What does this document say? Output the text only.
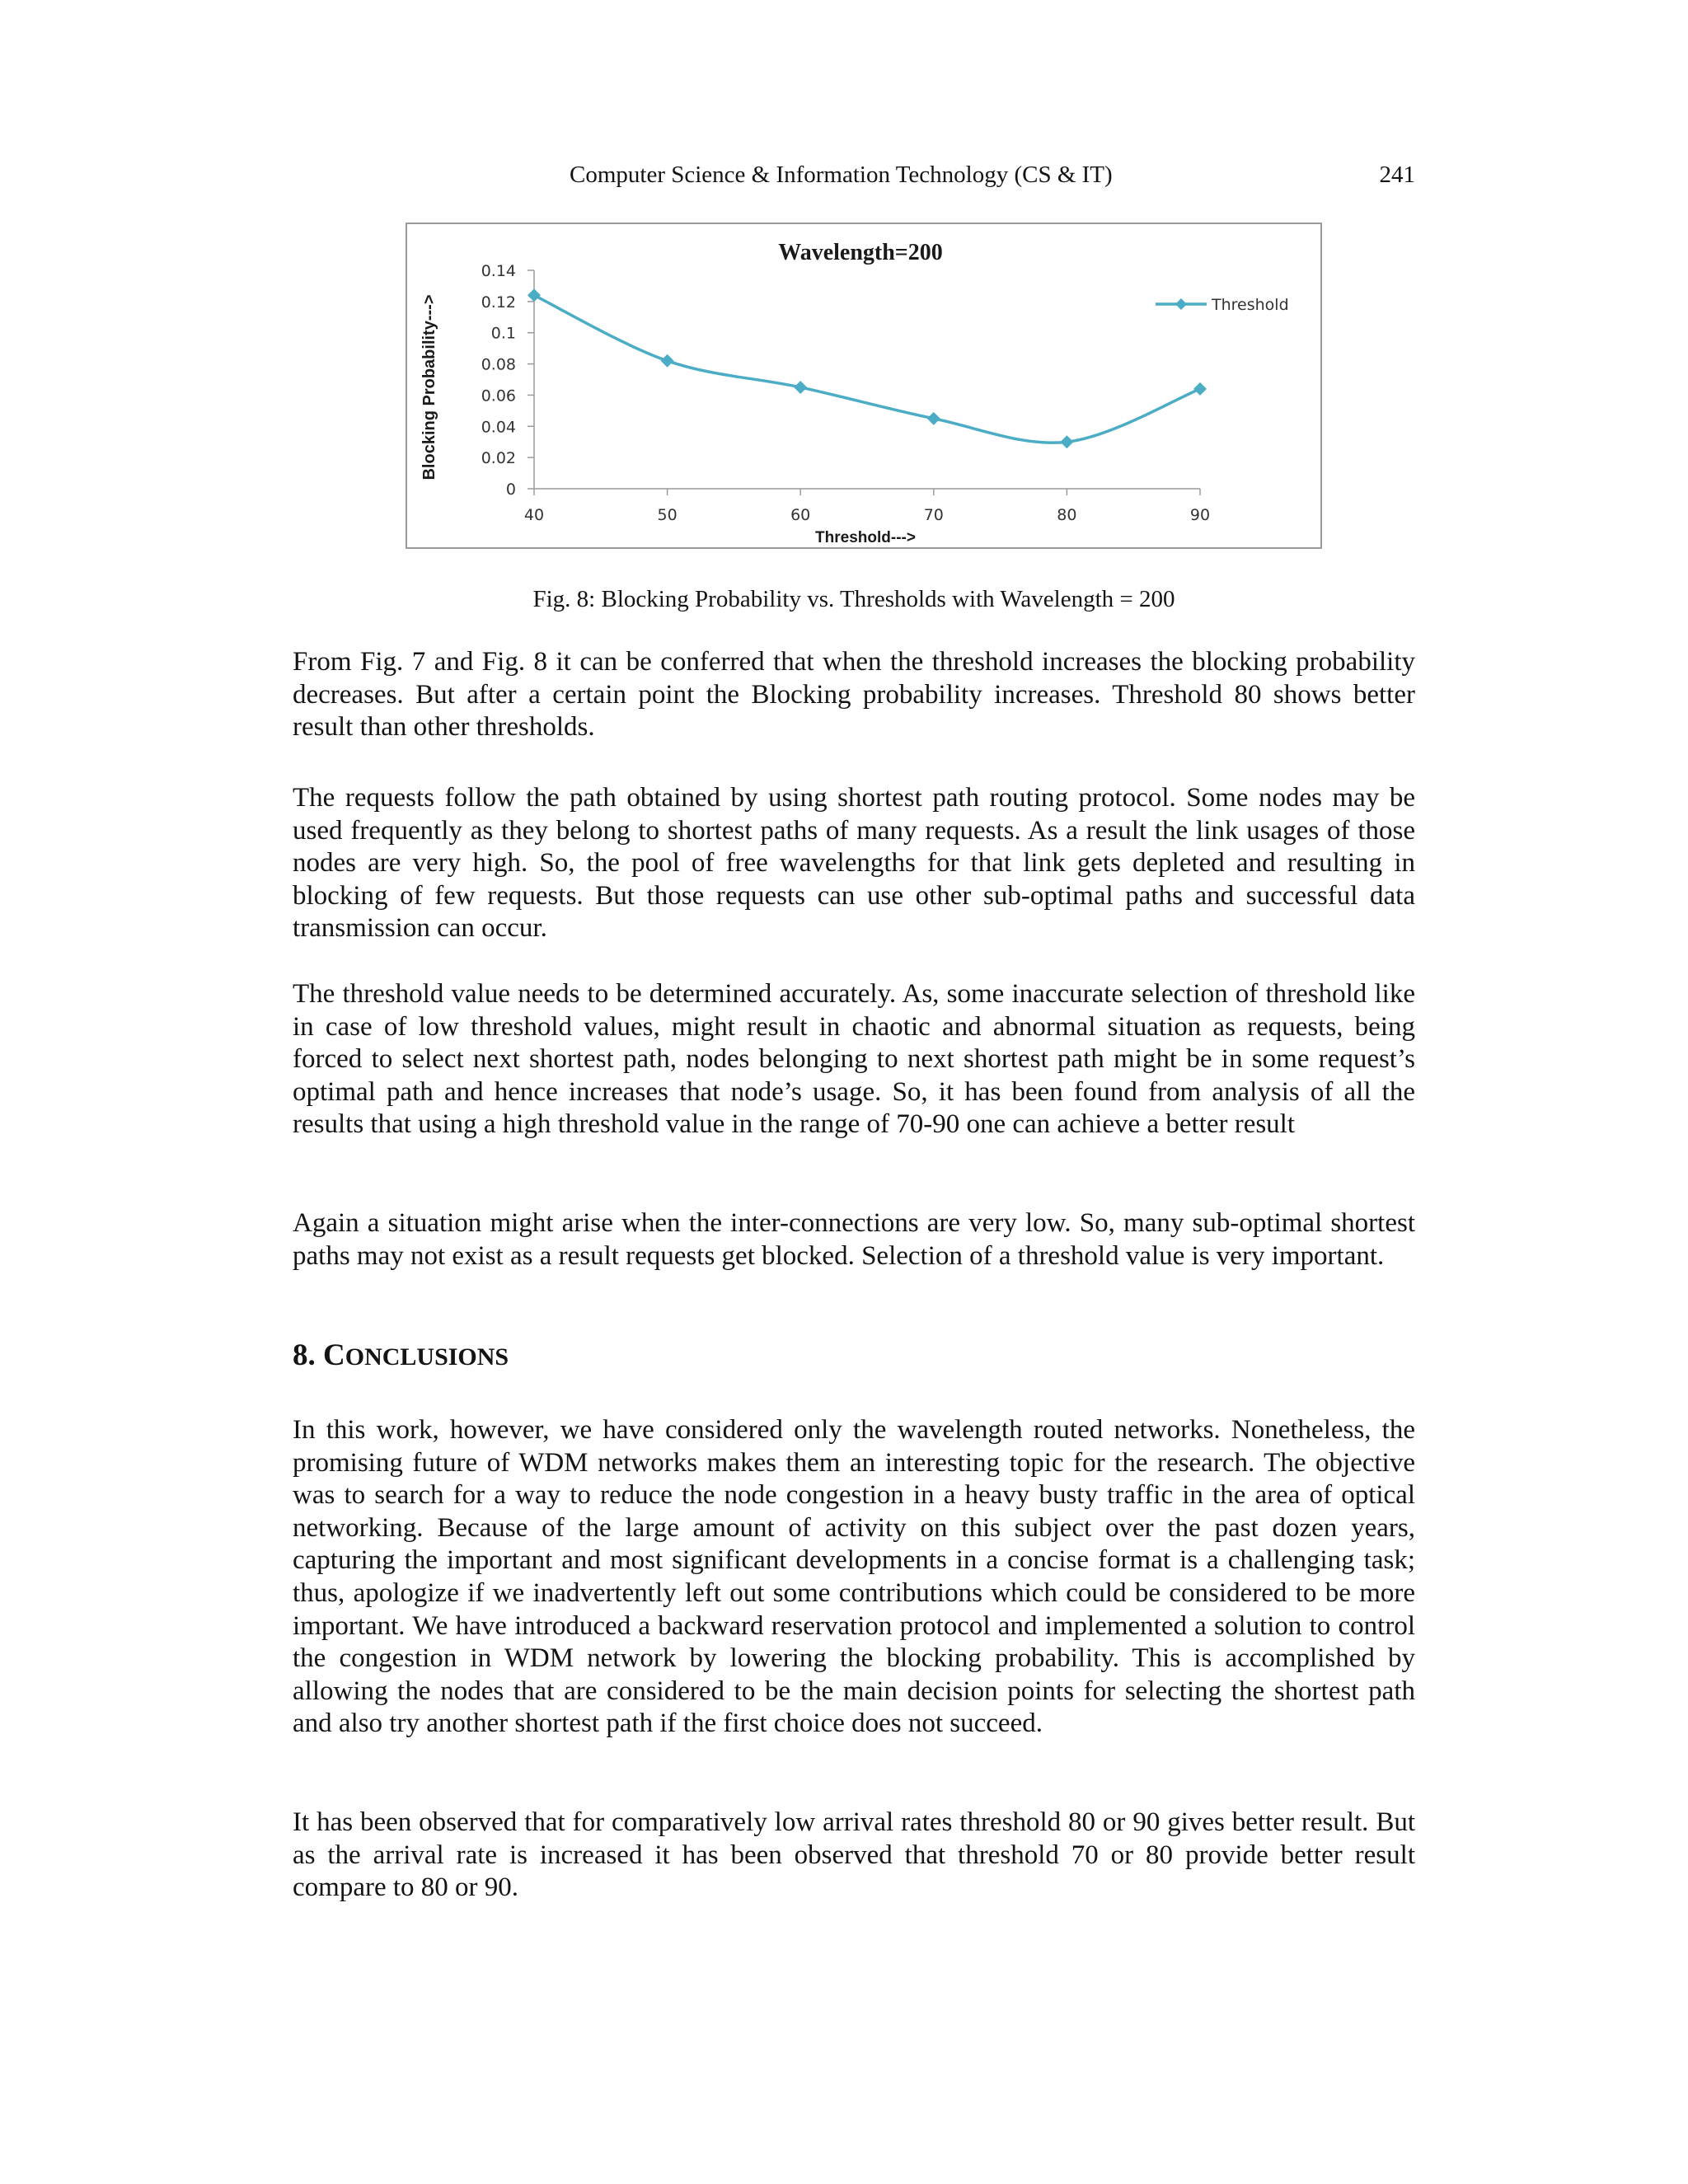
Computer Science & Information Technology (CS & IT)	241
Wavelength=200
Blocking Probability--->
Threshold--->
0
0.02
0.04
0.06
0.08
0.1
0.12
0.14
40	50	60	70	80	90
Threshold
Fig. 8: Blocking Probability vs. Thresholds with Wavelength = 200

From Fig. 7 and Fig. 8 it can be conferred that when the threshold increases the blocking probability decreases. But after a certain point the Blocking probability increases. Threshold 80 shows better result than other thresholds.

The requests follow the path obtained by using shortest path routing protocol. Some nodes may be used frequently as they belong to shortest paths of many requests. As a result the link usages of those nodes are very high. So, the pool of free wavelengths for that link gets depleted and resulting in blocking of few requests. But those requests can use other sub-optimal paths and successful data transmission can occur.

The threshold value needs to be determined accurately. As, some inaccurate selection of threshold like in case of low threshold values, might result in chaotic and abnormal situation as requests, being forced to select next shortest path, nodes belonging to next shortest path might be in some request’s optimal path and hence increases that node’s usage. So, it has been found from analysis of all the results that using a high threshold value in the range of 70-90 one can achieve a better result

Again a situation might arise when the inter-connections are very low. So, many sub-optimal shortest paths may not exist as a result requests get blocked. Selection of a threshold value is very important.

8. CONCLUSIONS

In this work, however, we have considered only the wavelength routed networks. Nonetheless, the promising future of WDM networks makes them an interesting topic for the research. The objective was to search for a way to reduce the node congestion in a heavy busty traffic in the area of optical networking. Because of the large amount of activity on this subject over the past dozen years, capturing the important and most significant developments in a concise format is a challenging task; thus, apologize if we inadvertently left out some contributions which could be considered to be more important. We have introduced a backward reservation protocol and implemented a solution to control the congestion in WDM network by lowering the blocking probability. This is accomplished by allowing the nodes that are considered to be the main decision points for selecting the shortest path and also try another shortest path if the first choice does not succeed.

It has been observed that for comparatively low arrival rates threshold 80 or 90 gives better result. But as the arrival rate is increased it has been observed that threshold 70 or 80 provide better result compare to 80 or 90.
